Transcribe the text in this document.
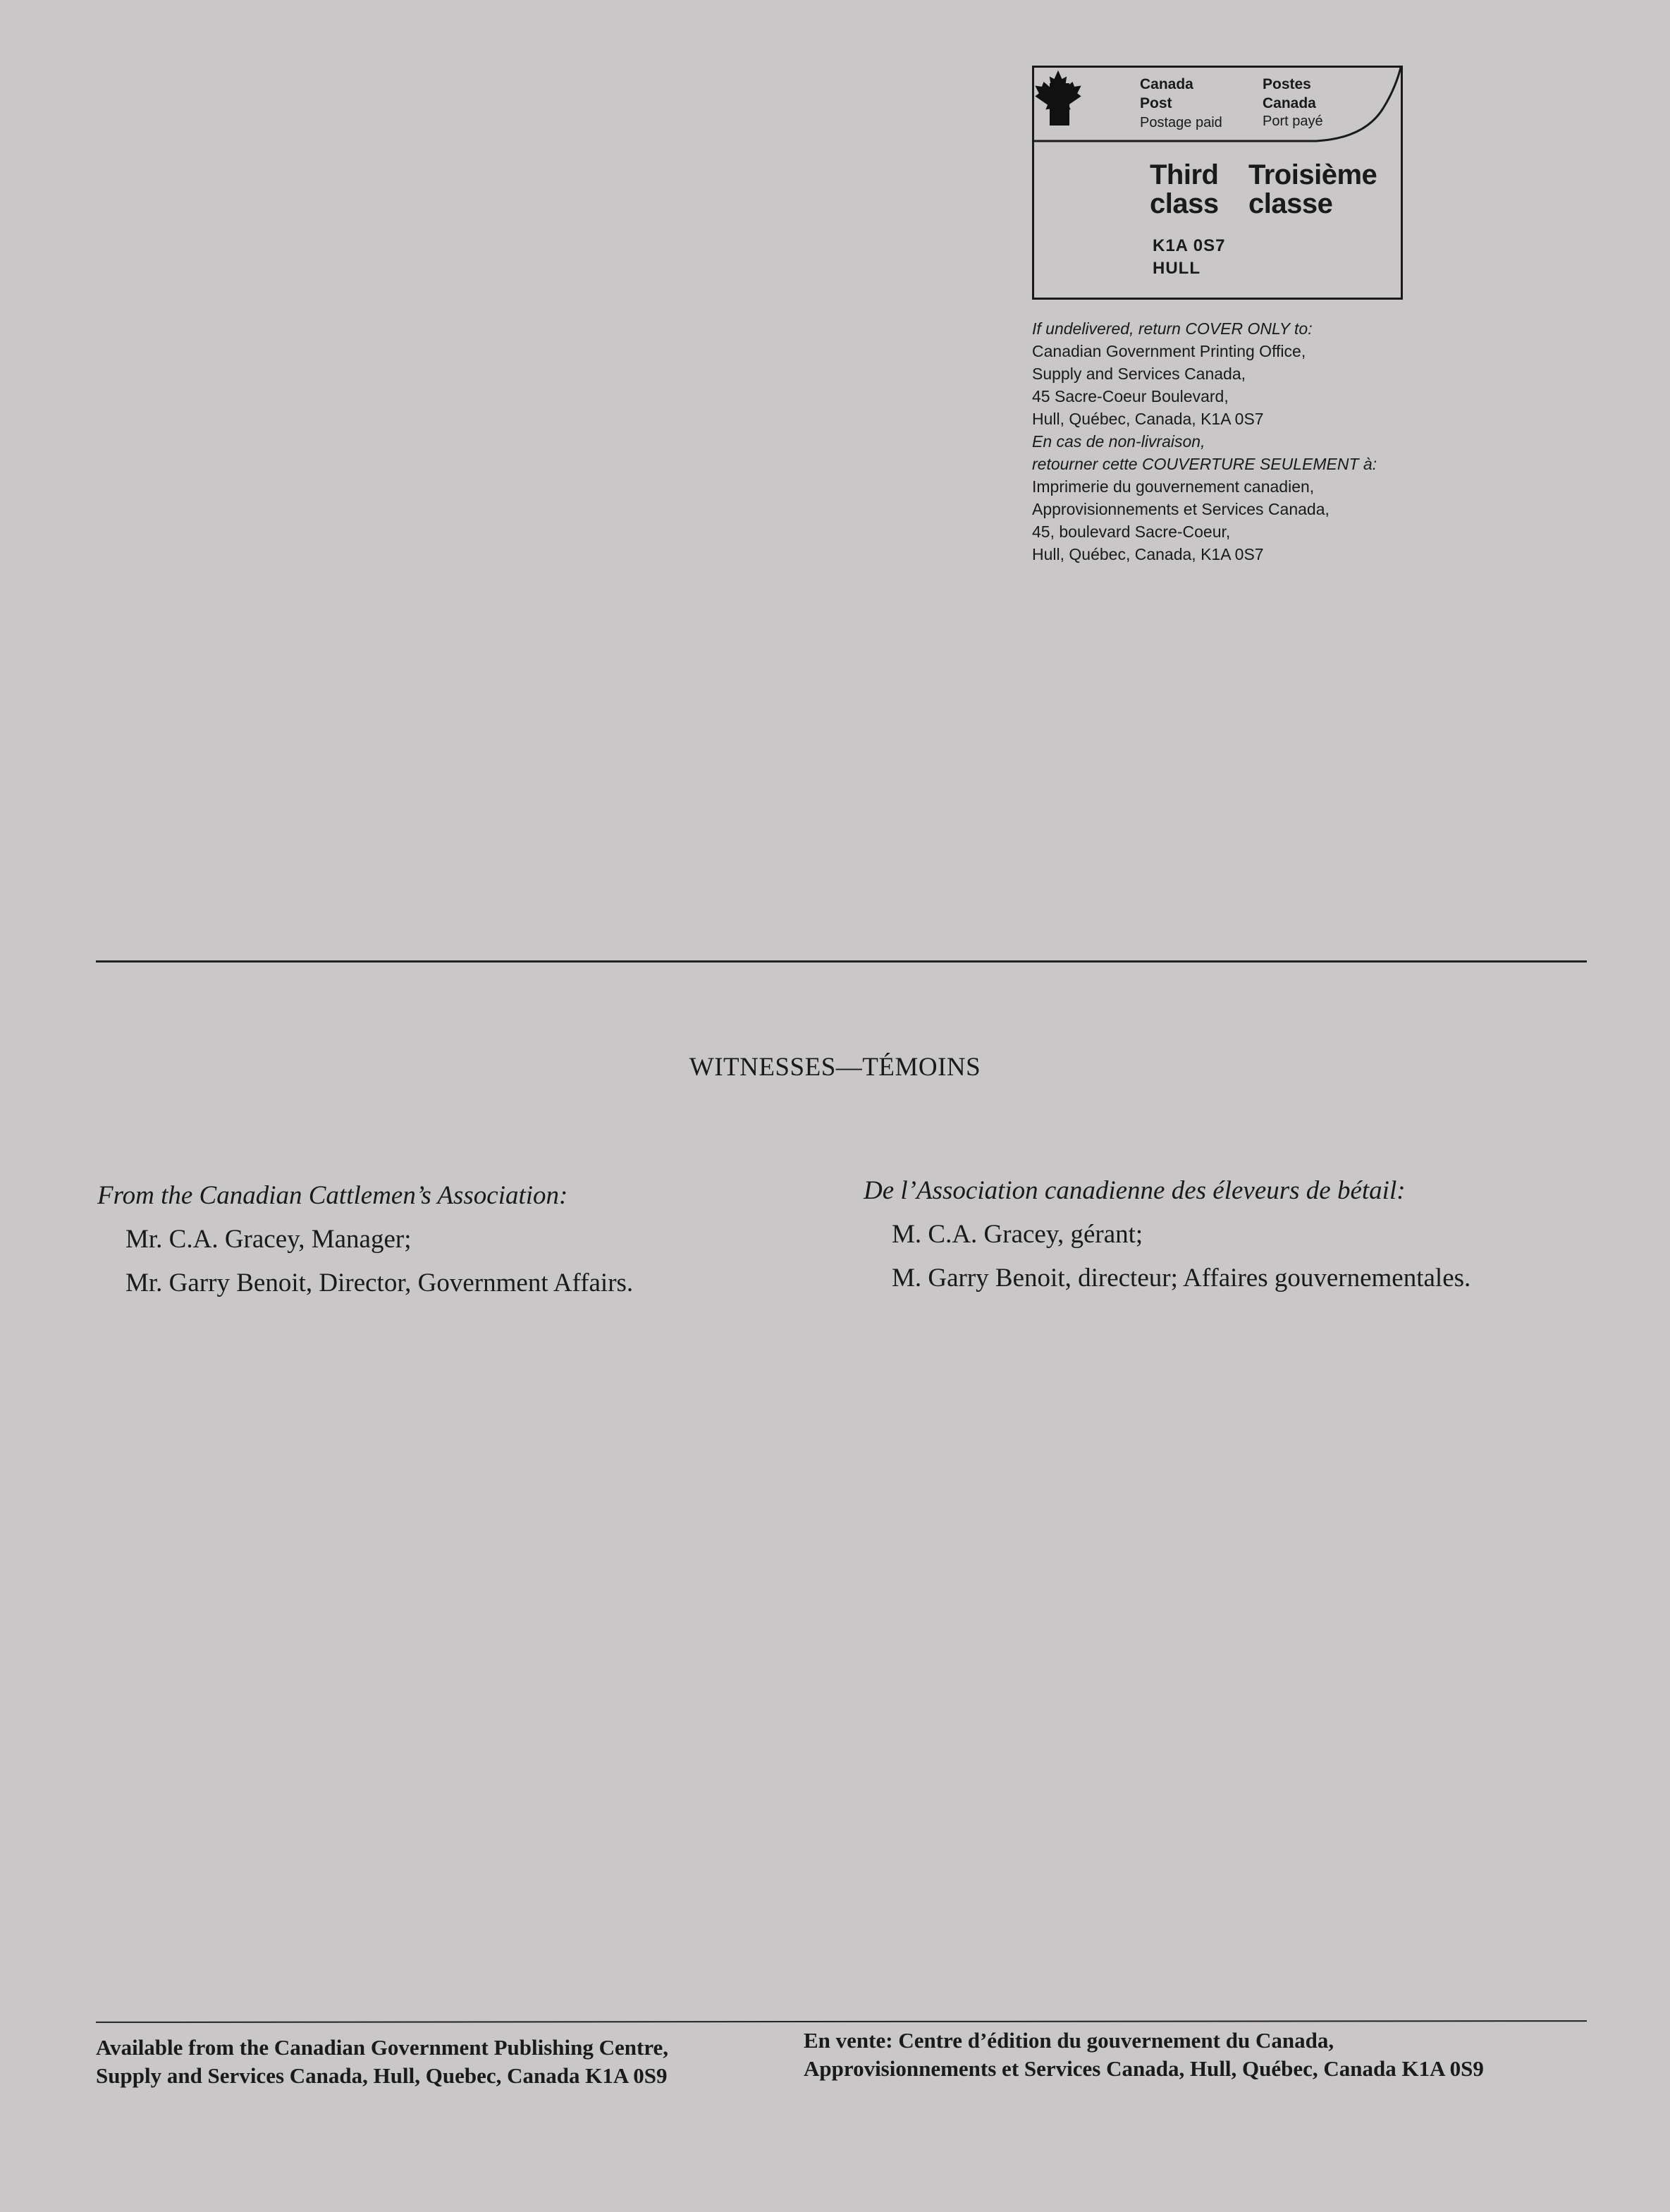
Canada
Post
Postage paid
Postes
Canada
Port payé
Third
class
Troisième
classe
K1A 0S7
HULL
If undelivered, return COVER ONLY to:
Canadian Government Printing Office,
Supply and Services Canada,
45 Sacre-Coeur Boulevard,
Hull, Québec, Canada, K1A 0S7
En cas de non-livraison,
retourner cette COUVERTURE SEULEMENT à:
Imprimerie du gouvernement canadien,
Approvisionnements et Services Canada,
45, boulevard Sacre-Coeur,
Hull, Québec, Canada, K1A 0S7
WITNESSES—TÉMOINS
From the Canadian Cattlemen’s Association:
Mr. C.A. Gracey, Manager;
Mr. Garry Benoit, Director, Government Affairs.
De l’Association canadienne des éleveurs de bétail:
M. C.A. Gracey, gérant;
M. Garry Benoit, directeur; Affaires gouvernementales.
Available from the Canadian Government Publishing Centre,
Supply and Services Canada, Hull, Quebec, Canada K1A 0S9
En vente: Centre d’édition du gouvernement du Canada,
Approvisionnements et Services Canada, Hull, Québec, Canada K1A 0S9
